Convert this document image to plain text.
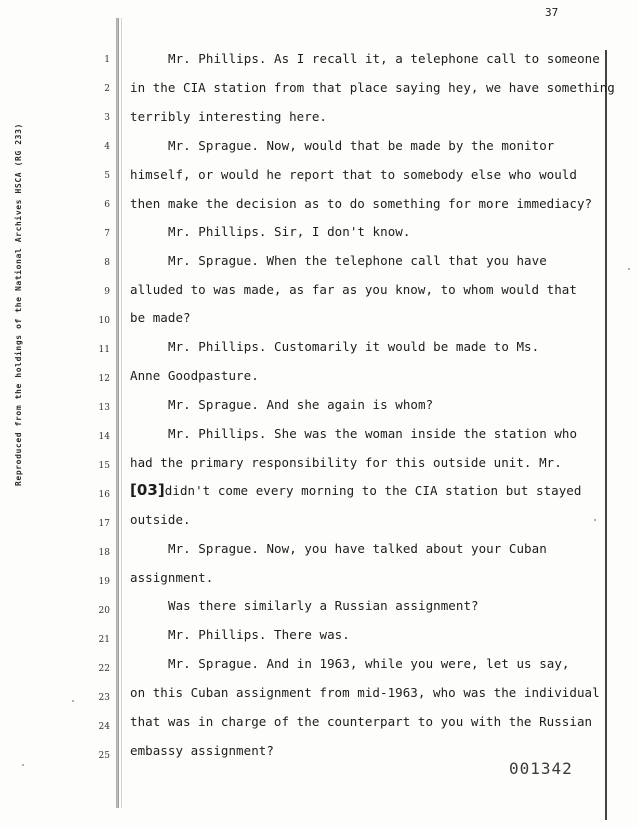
Reproduced from the holdings of the National Archives HSCA (RG 233)
37
1	Mr. Phillips. As I recall it, a telephone call to someone
2 in the CIA station from that place saying hey, we have something
3 terribly interesting here.
4	Mr. Sprague. Now, would that be made by the monitor
5 himself, or would he report that to somebody else who would
6 then make the decision as to do something for more immediacy?
7	Mr. Phillips. Sir, I don't know.
8	Mr. Sprague. When the telephone call that you have
9 alluded to was made, as far as you know, to whom would that
10 be made?
11	Mr. Phillips. Customarily it would be made to Ms.
12 Anne Goodpasture.
13	Mr. Sprague. And she again is whom?
14	Mr. Phillips. She was the woman inside the station who
15 had the primary responsibility for this outside unit. Mr.
16 [03]didn't come every morning to the CIA station but stayed
17 outside.
18	Mr. Sprague. Now, you have talked about your Cuban
19 assignment.
20	Was there similarly a Russian assignment?
21	Mr. Phillips. There was.
22	Mr. Sprague. And in 1963, while you were, let us say,
23 on this Cuban assignment from mid-1963, who was the individual
24 that was in charge of the counterpart to you with the Russian
25 embassy assignment?
001342
